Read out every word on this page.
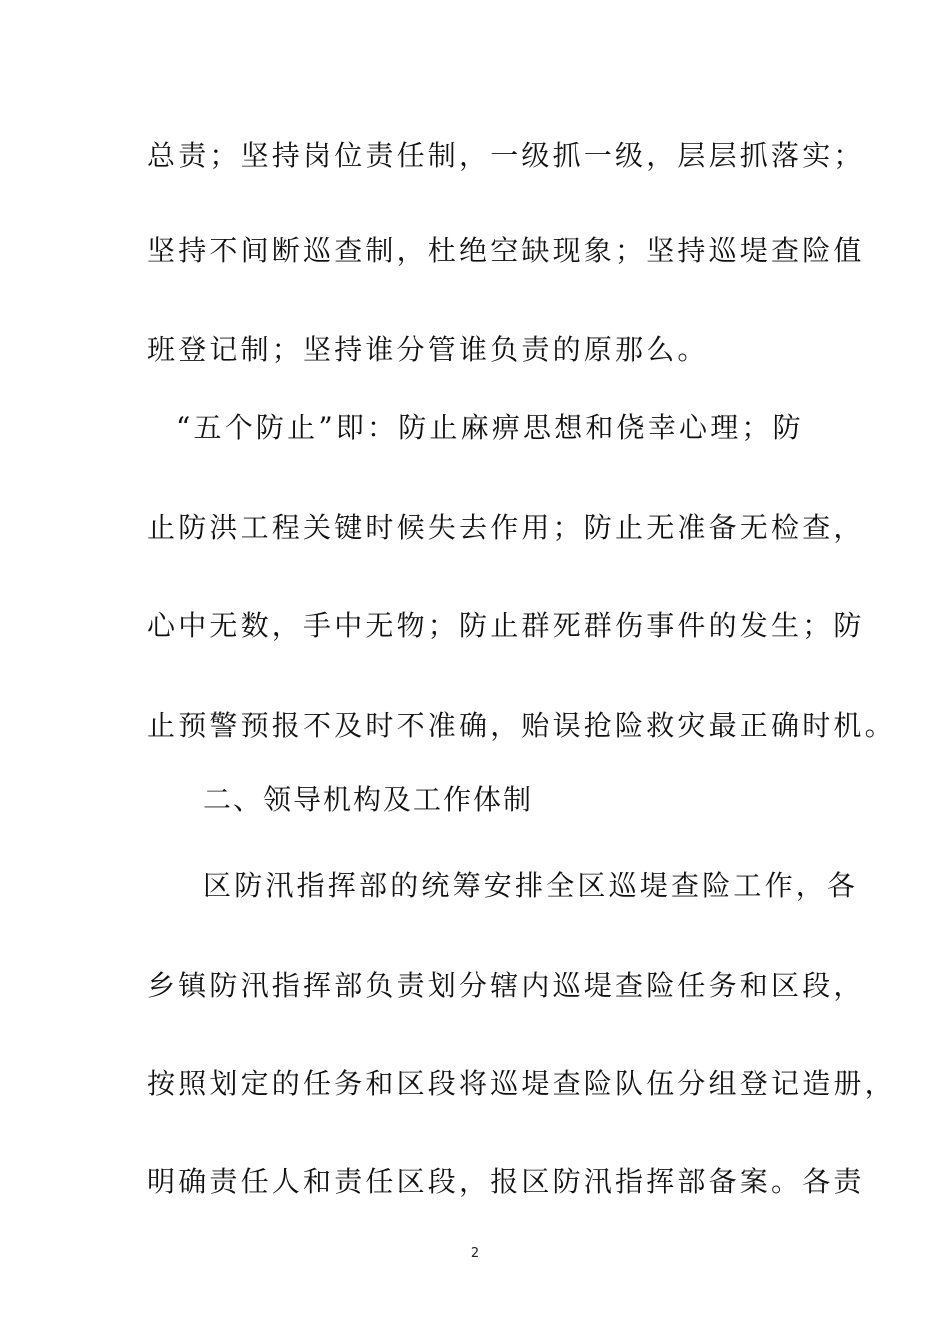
总责；坚持岗位责任制，一级抓一级，层层抓落实；
坚持不间断巡查制，杜绝空缺现象；坚持巡堤查险值
班登记制；坚持谁分管谁负责的原那么。
“五个防止”即：防止麻痹思想和侥幸心理；防
止防洪工程关键时候失去作用；防止无准备无检查，
心中无数，手中无物；防止群死群伤事件的发生；防
止预警预报不及时不准确，贻误抢险救灾最正确时机。
二、领导机构及工作体制
区防汛指挥部的统筹安排全区巡堤查险工作，各
乡镇防汛指挥部负责划分辖内巡堤查险任务和区段，
按照划定的任务和区段将巡堤查险队伍分组登记造册，
明确责任人和责任区段，报区防汛指挥部备案。各责
2
